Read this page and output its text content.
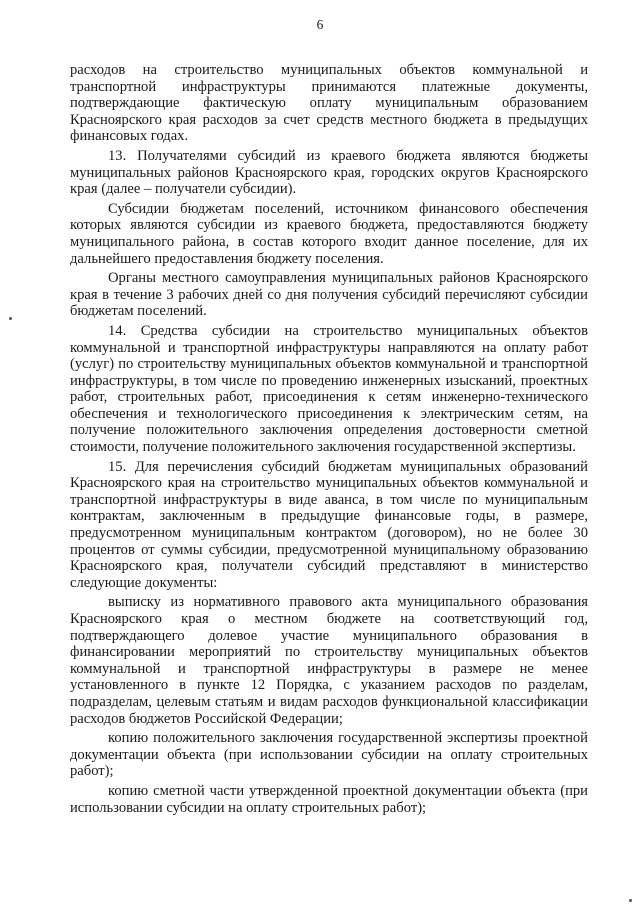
6

расходов на строительство муниципальных объектов коммунальной и транспортной инфраструктуры принимаются платежные документы, подтверждающие фактическую оплату муниципальным образованием Красноярского края расходов за счет средств местного бюджета в предыдущих финансовых годах.

13. Получателями субсидий из краевого бюджета являются бюджеты муниципальных районов Красноярского края, городских округов Красноярского края (далее – получатели субсидии).

Субсидии бюджетам поселений, источником финансового обеспечения которых являются субсидии из краевого бюджета, предоставляются бюджету муниципального района, в состав которого входит данное поселение, для их дальнейшего предоставления бюджету поселения.

Органы местного самоуправления муниципальных районов Красноярского края в течение 3 рабочих дней со дня получения субсидий перечисляют субсидии бюджетам поселений.

14. Средства субсидии на строительство муниципальных объектов коммунальной и транспортной инфраструктуры направляются на оплату работ (услуг) по строительству муниципальных объектов коммунальной и транспортной инфраструктуры, в том числе по проведению инженерных изысканий, проектных работ, строительных работ, присоединения к сетям инженерно-технического обеспечения и технологического присоединения к электрическим сетям, на получение положительного заключения определения достоверности сметной стоимости, получение положительного заключения государственной экспертизы.

15. Для перечисления субсидий бюджетам муниципальных образований Красноярского края на строительство муниципальных объектов коммунальной и транспортной инфраструктуры в виде аванса, в том числе по муниципальным контрактам, заключенным в предыдущие финансовые годы, в размере, предусмотренном муниципальным контрактом (договором), но не более 30 процентов от суммы субсидии, предусмотренной муниципальному образованию Красноярского края, получатели субсидий представляют в министерство следующие документы:

выписку из нормативного правового акта муниципального образования Красноярского края о местном бюджете на соответствующий год, подтверждающего долевое участие муниципального образования в финансировании мероприятий по строительству муниципальных объектов коммунальной и транспортной инфраструктуры в размере не менее установленного в пункте 12 Порядка, с указанием расходов по разделам, подразделам, целевым статьям и видам расходов функциональной классификации расходов бюджетов Российской Федерации;

копию положительного заключения государственной экспертизы проектной документации объекта (при использовании субсидии на оплату строительных работ);

копию сметной части утвержденной проектной документации объекта (при использовании субсидии на оплату строительных работ);
